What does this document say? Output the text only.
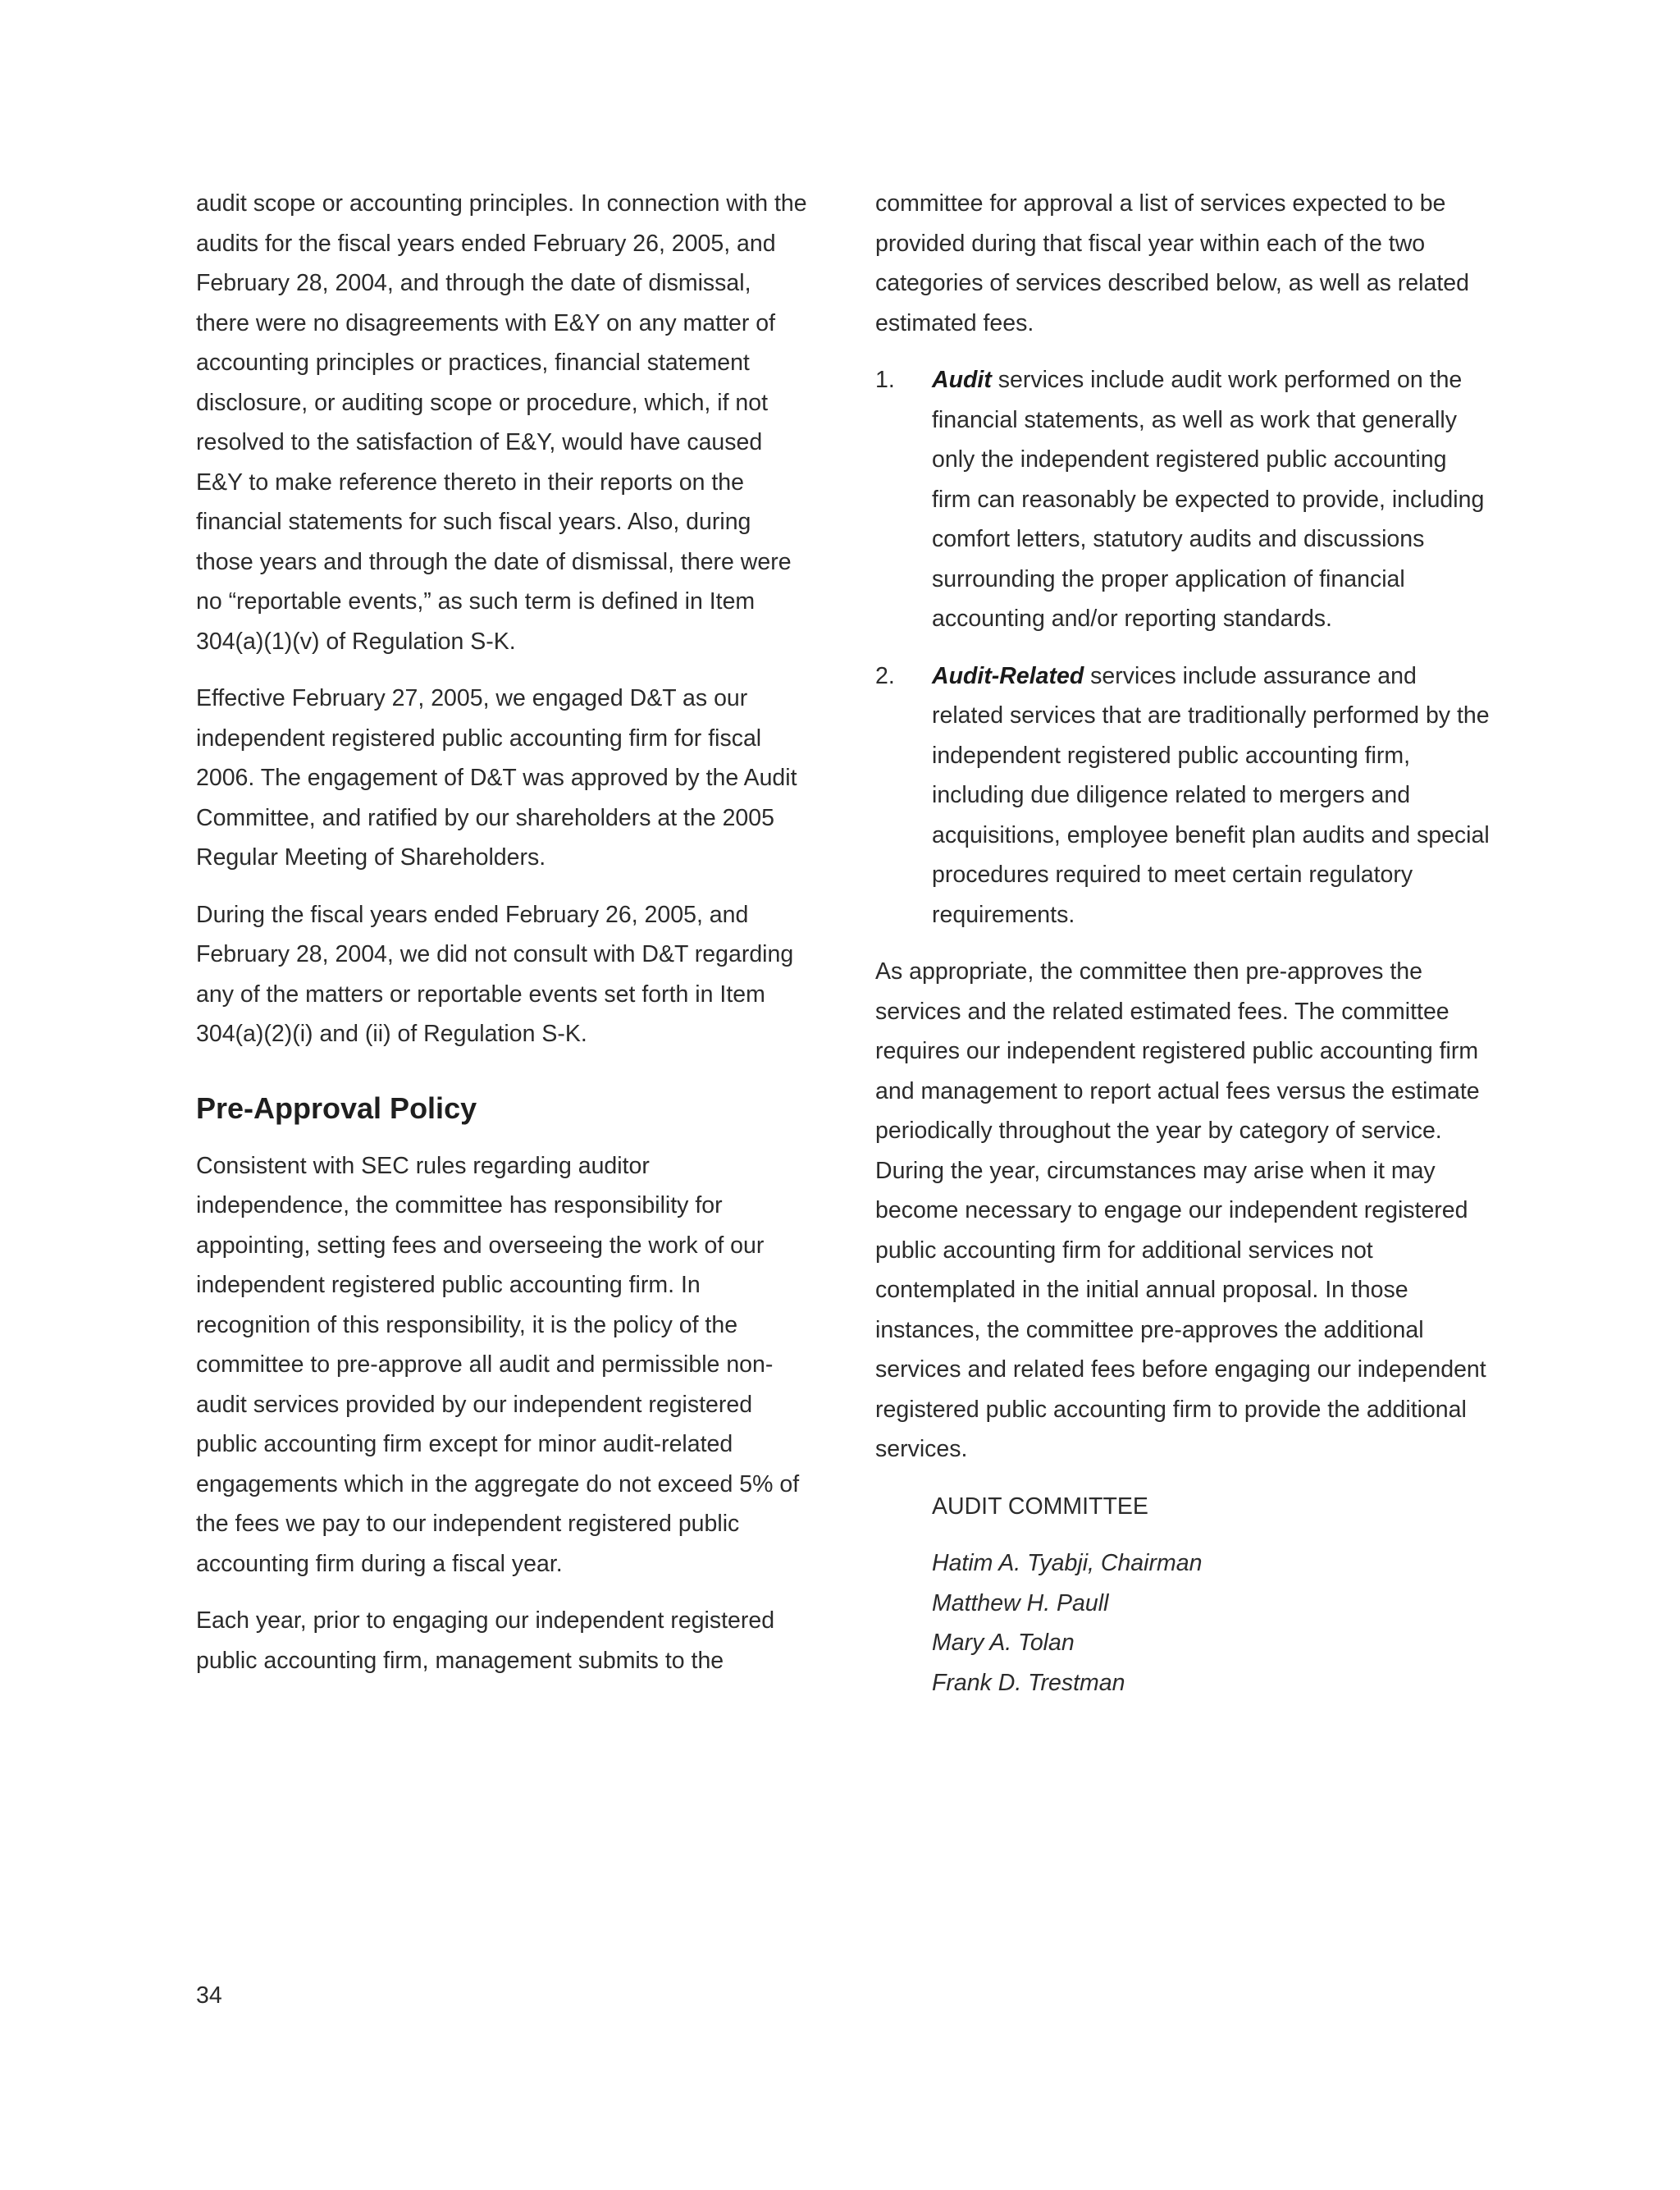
audit scope or accounting principles. In connection with the audits for the fiscal years ended February 26, 2005, and February 28, 2004, and through the date of dismissal, there were no disagreements with E&Y on any matter of accounting principles or practices, financial statement disclosure, or auditing scope or procedure, which, if not resolved to the satisfaction of E&Y, would have caused E&Y to make reference thereto in their reports on the financial statements for such fiscal years. Also, during those years and through the date of dismissal, there were no “reportable events,” as such term is defined in Item 304(a)(1)(v) of Regulation S-K.

Effective February 27, 2005, we engaged D&T as our independent registered public accounting firm for fiscal 2006. The engagement of D&T was approved by the Audit Committee, and ratified by our shareholders at the 2005 Regular Meeting of Shareholders.

During the fiscal years ended February 26, 2005, and February 28, 2004, we did not consult with D&T regarding any of the matters or reportable events set forth in Item 304(a)(2)(i) and (ii) of Regulation S-K.

Pre-Approval Policy

Consistent with SEC rules regarding auditor independence, the committee has responsibility for appointing, setting fees and overseeing the work of our independent registered public accounting firm. In recognition of this responsibility, it is the policy of the committee to pre-approve all audit and permissible non-audit services provided by our independent registered public accounting firm except for minor audit-related engagements which in the aggregate do not exceed 5% of the fees we pay to our independent registered public accounting firm during a fiscal year.

Each year, prior to engaging our independent registered public accounting firm, management submits to the

committee for approval a list of services expected to be provided during that fiscal year within each of the two categories of services described below, as well as related estimated fees.

1. Audit services include audit work performed on the financial statements, as well as work that generally only the independent registered public accounting firm can reasonably be expected to provide, including comfort letters, statutory audits and discussions surrounding the proper application of financial accounting and/or reporting standards.
2. Audit-Related services include assurance and related services that are traditionally performed by the independent registered public accounting firm, including due diligence related to mergers and acquisitions, employee benefit plan audits and special procedures required to meet certain regulatory requirements.

As appropriate, the committee then pre-approves the services and the related estimated fees. The committee requires our independent registered public accounting firm and management to report actual fees versus the estimate periodically throughout the year by category of service. During the year, circumstances may arise when it may become necessary to engage our independent registered public accounting firm for additional services not contemplated in the initial annual proposal. In those instances, the committee pre-approves the additional services and related fees before engaging our independent registered public accounting firm to provide the additional services.

AUDIT COMMITTEE

Hatim A. Tyabji, Chairman
Matthew H. Paull
Mary A. Tolan
Frank D. Trestman
34
